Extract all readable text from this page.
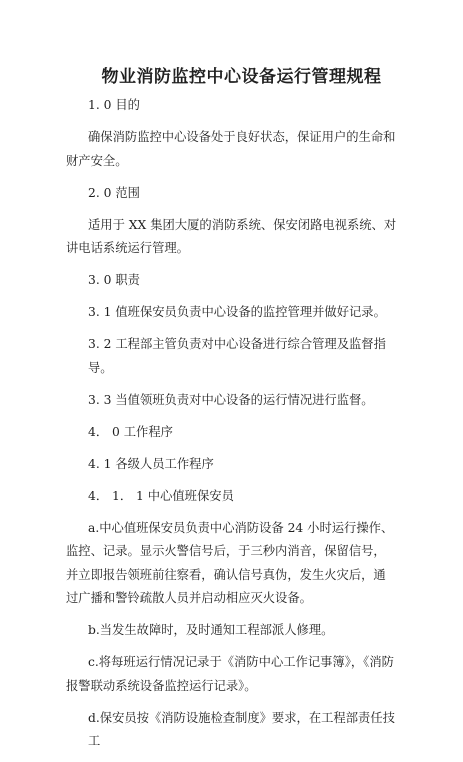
物业消防监控中心设备运行管理规程

1. 0 目的

确保消防监控中心设备处于良好状态，保证用户的生命和财产安全。

2. 0 范围

适用于 XX 集团大厦的消防系统、保安闭路电视系统、对讲电话系统运行管理。

3. 0 职责

3. 1 值班保安员负责中心设备的监控管理并做好记录。

3. 2 工程部主管负责对中心设备进行综合管理及监督指导。

3. 3 当值领班负责对中心设备的运行情况进行监督。

4． 0 工作程序

4. 1 各级人员工作程序

4． 1． 1 中心值班保安员

a.中心值班保安员负责中心消防设备 24 小时运行操作、监控、记录。显示火警信号后，于三秒内消音，保留信号，并立即报告领班前往察看，确认信号真伪，发生火灾后，通过广播和警铃疏散人员并启动相应灭火设备。

b.当发生故障时，及时通知工程部派人修理。

c.将每班运行情况记录于《消防中心工作记事簿》，《消防报警联动系统设备监控运行记录》。

d.保安员按《消防设施检查制度》要求，在工程部责任技工
